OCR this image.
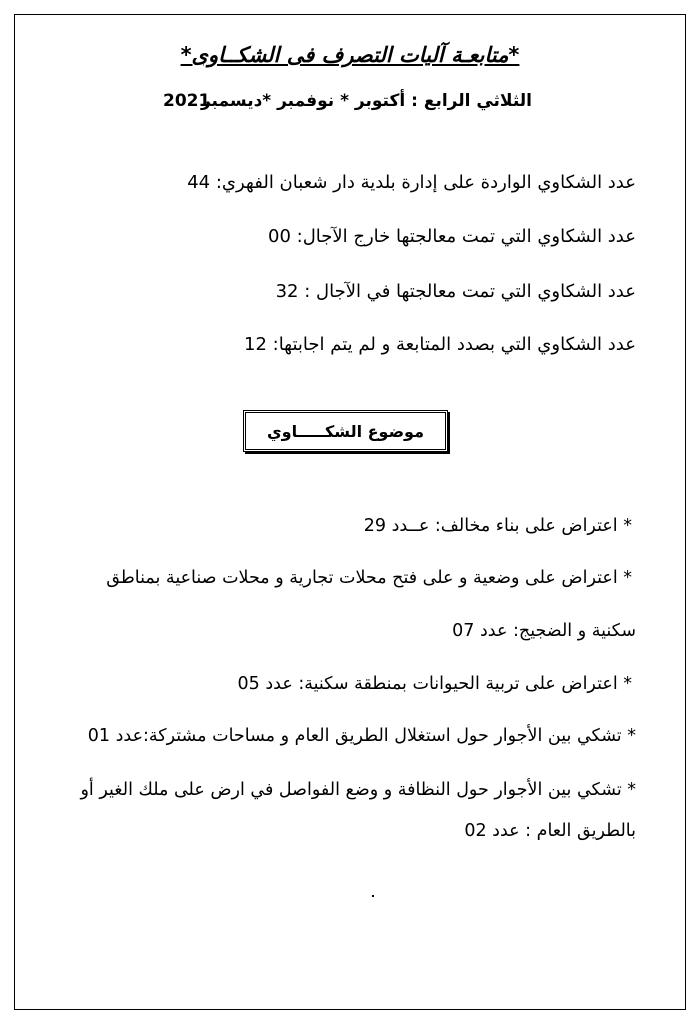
*متابعـة آليات التصرف فى الشكــاوى*
الثلاثي الرابع : أكتوبر * نوفمبر *ديسمبر
2021
عدد الشكاوي الواردة على إدارة بلدية دار شعبان الفهري: 44
عدد الشكاوي التي تمت معالجتها خارج الآجال: 00
عدد الشكاوي التي تمت معالجتها في الآجال : 32
عدد الشكاوي التي بصدد المتابعة و لم يتم اجابتها: 12
موضوع الشكـــــاوي
* اعتراض على بناء مخالف: عــدد 29
* اعتراض على وضعية و على فتح محلات تجارية و محلات صناعية بمناطق
سكنية و الضجيج: عدد 07
* اعتراض على تربية الحيوانات بمنطقة سكنية: عدد 05
* تشكي بين الأجوار حول استغلال الطريق العام و مساحات مشتركة:عدد 01
* تشكي بين الأجوار حول النظافة و وضع الفواصل في ارض على ملك الغير أو
بالطريق العام : عدد 02
